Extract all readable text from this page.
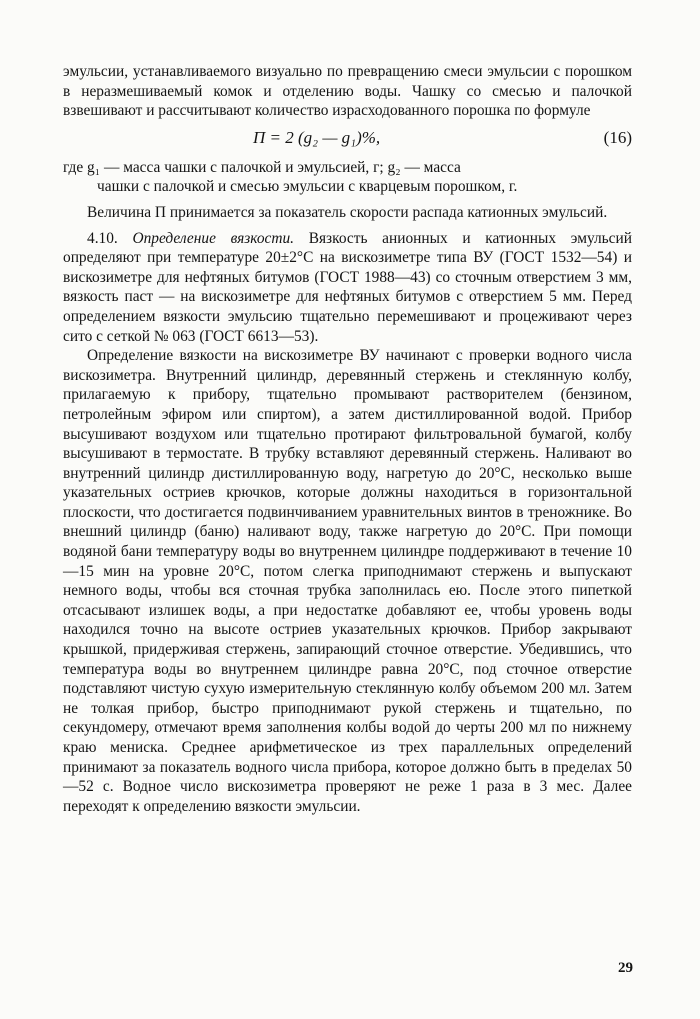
эмульсии, устанавливаемого визуально по превращению смеси эмульсии с порошком в неразмешиваемый комок и отделению воды. Чашку со смесью и палочкой взвешивают и рассчитывают количество израсходованного порошка по формуле

П = 2 (g₂ — g₁)%,	(16)

где g₁ — масса чашки с палочкой и эмульсией, г; g₂ — масса

чашки с палочкой и смесью эмульсии с кварцевым порошком, г.

Величина П принимается за показатель скорости распада катионных эмульсий.

4.10. Определение вязкости. Вязкость анионных и катионных эмульсий определяют при температуре 20±2°С на вискозиметре типа ВУ (ГОСТ 1532—54) и вискозиметре для нефтяных битумов (ГОСТ 1988—43) со сточным отверстием 3 мм, вязкость паст — на вискозиметре для нефтяных битумов с отверстием 5 мм. Перед определением вязкости эмульсию тщательно перемешивают и процеживают через сито с сеткой № 063 (ГОСТ 6613—53).

Определение вязкости на вискозиметре ВУ начинают с проверки водного числа вискозиметра. Внутренний цилиндр, деревянный стержень и стеклянную колбу, прилагаемую к прибору, тщательно промывают растворителем (бензином, петролейным эфиром или спиртом), а затем дистиллированной водой. Прибор высушивают воздухом или тщательно протирают фильтровальной бумагой, колбу высушивают в термостате. В трубку вставляют деревянный стержень. Наливают во внутренний цилиндр дистиллированную воду, нагретую до 20°С, несколько выше указательных остриев крючков, которые должны находиться в горизонтальной плоскости, что достигается подвинчиванием уравнительных винтов в треножнике. Во внешний цилиндр (баню) наливают воду, также нагретую до 20°С. При помощи водяной бани температуру воды во внутреннем цилиндре поддерживают в течение 10—15 мин на уровне 20°С, потом слегка приподнимают стержень и выпускают немного воды, чтобы вся сточная трубка заполнилась ею. После этого пипеткой отсасывают излишек воды, а при недостатке добавляют ее, чтобы уровень воды находился точно на высоте остриев указательных крючков. Прибор закрывают крышкой, придерживая стержень, запирающий сточное отверстие. Убедившись, что температура воды во внутреннем цилиндре равна 20°С, под сточное отверстие подставляют чистую сухую измерительную стеклянную колбу объемом 200 мл. Затем не толкая прибор, быстро приподнимают рукой стержень и тщательно, по секундомеру, отмечают время заполнения колбы водой до черты 200 мл по нижнему краю мениска. Среднее арифметическое из трех параллельных определений принимают за показатель водного числа прибора, которое должно быть в пределах 50—52 с. Водное число вискозиметра проверяют не реже 1 раза в 3 мес. Далее переходят к определению вязкости эмульсии.

29
